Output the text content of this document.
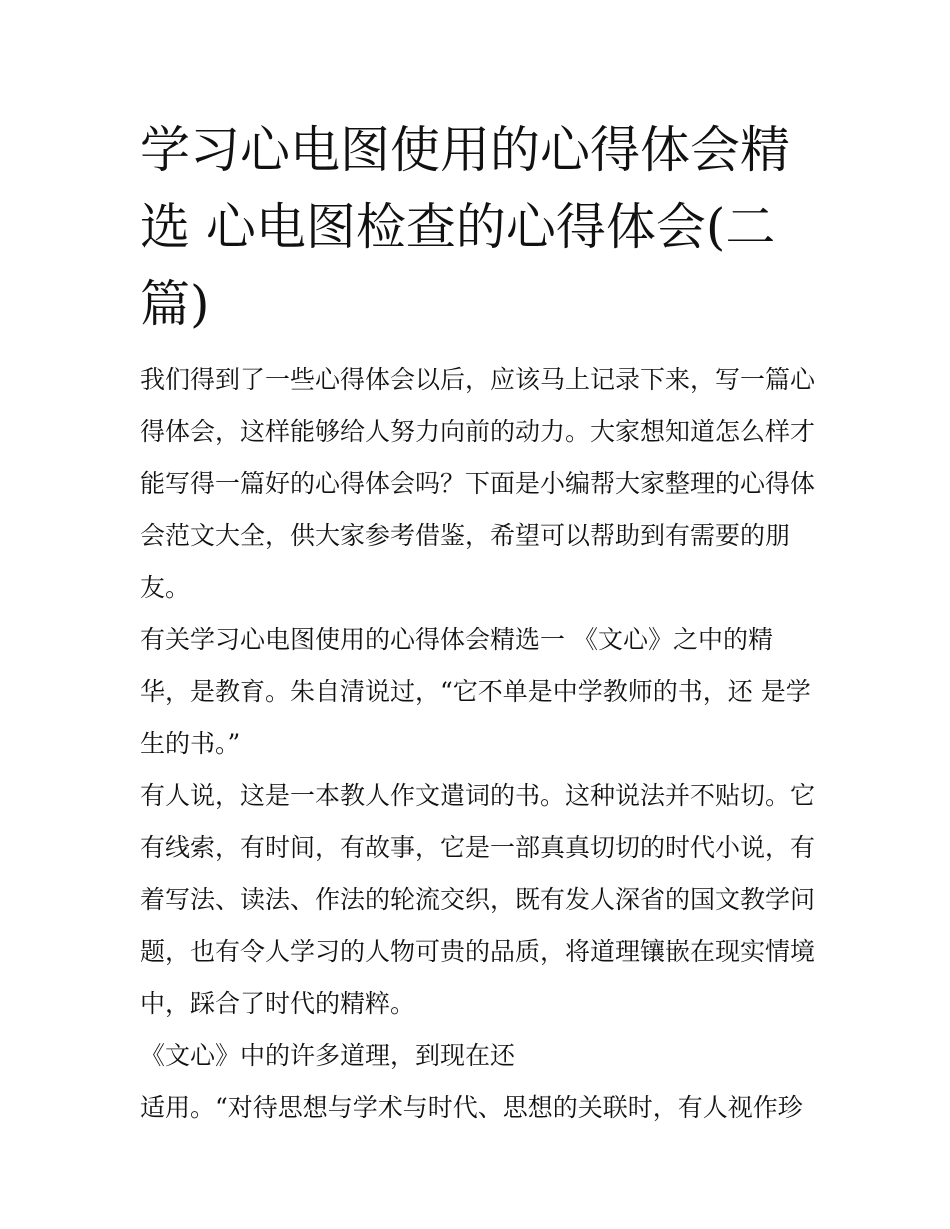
学习心电图使用的心得体会精
选 心电图检查的心得体会(二
篇)
我们得到了一些心得体会以后，应该马上记录下来，写一篇心
得体会，这样能够给人努力向前的动力。大家想知道怎么样才
能写得一篇好的心得体会吗？下面是小编帮大家整理的心得体
会范文大全，供大家参考借鉴，希望可以帮助到有需要的朋
友。
有关学习心电图使用的心得体会精选一 《文心》之中的精
华，是教育。朱自清说过，“它不单是中学教师的书，还 是学
生的书。”
有人说，这是一本教人作文遣词的书。这种说法并不贴切。它
有线索，有时间，有故事，它是一部真真切切的时代小说，有
着写法、读法、作法的轮流交织，既有发人深省的国文教学问
题，也有令人学习的人物可贵的品质，将道理镶嵌在现实情境
中，踩合了时代的精粹。
《文心》中的许多道理，到现在还
适用。“对待思想与学术与时代、思想的关联时，有人视作珍
